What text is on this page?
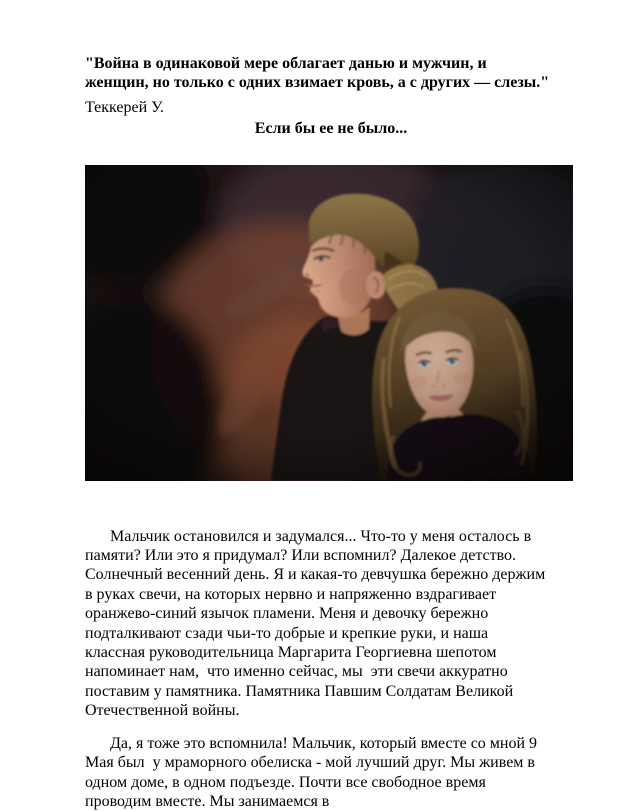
"Война в одинаковой мере облагает данью и мужчин, и женщин, но только с одних взимает кровь, а с других — слезы."

Теккерей У.

Если бы ее не было...

Мальчик остановился и задумался... Что-то у меня осталось в памяти? Или это я придумал? Или вспомнил? Далекое детство. Солнечный весенний день. Я и какая-то девчушка бережно держим в руках свечи, на которых нервно и напряженно вздрагивает оранжево-синий язычок пламени. Меня и девочку бережно подталкивают сзади чьи-то добрые и крепкие руки, и наша классная руководительница Маргарита Георгиевна шепотом напоминает нам,  что именно сейчас, мы  эти свечи аккуратно поставим у памятника. Памятника Павшим Солдатам Великой Отечественной войны.

Да, я тоже это вспомнила! Мальчик, который вместе со мной 9 Мая был  у мраморного обелиска - мой лучший друг. Мы живем в одном доме, в одном подъезде. Почти все свободное время проводим вместе. Мы занимаемся в
